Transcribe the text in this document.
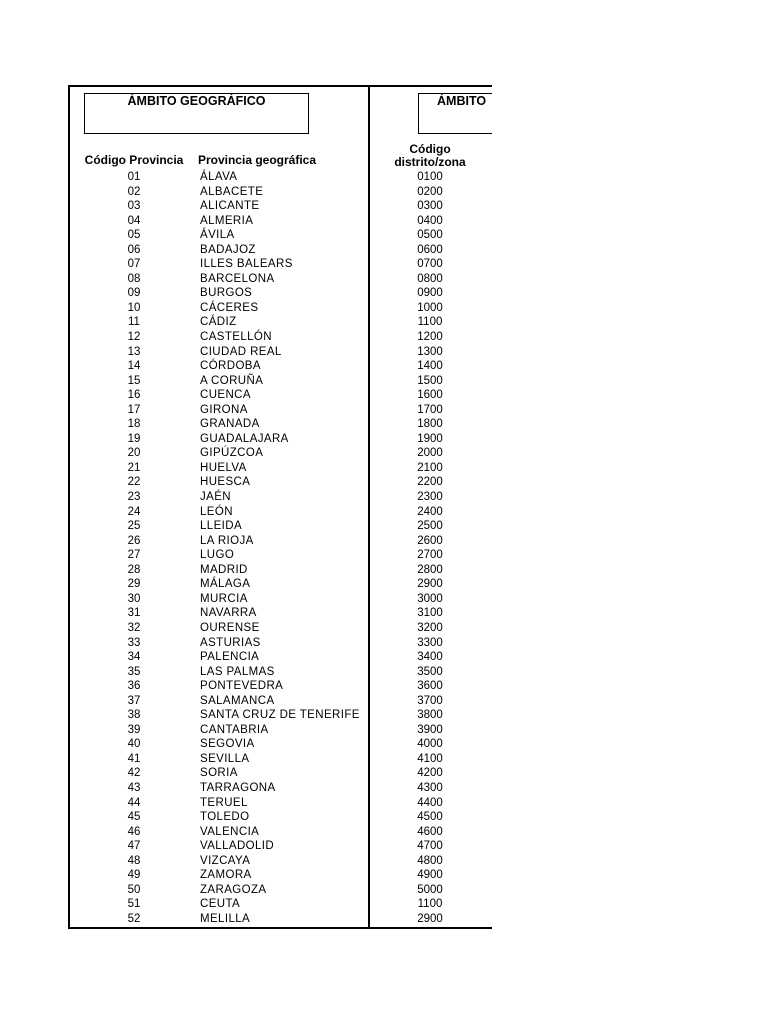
ÁMBITO GEOGRÁFICO	ÁMBITO
Código Provincia	Provincia geográfica
Código
distrito/zona
01	ÁLAVA	0100
02	ALBACETE	0200
03	ALICANTE	0300
04	ALMERIA	0400
05	ÁVILA	0500
06	BADAJOZ	0600
07	ILLES BALEARS	0700
08	BARCELONA	0800
09	BURGOS	0900
10	CÁCERES	1000
11	CÁDIZ	1100
12	CASTELLÓN	1200
13	CIUDAD REAL	1300
14	CÓRDOBA	1400
15	A CORUÑA	1500
16	CUENCA	1600
17	GIRONA	1700
18	GRANADA	1800
19	GUADALAJARA	1900
20	GIPÚZCOA	2000
21	HUELVA	2100
22	HUESCA	2200
23	JAÉN	2300
24	LEÓN	2400
25	LLEIDA	2500
26	LA RIOJA	2600
27	LUGO	2700
28	MADRID	2800
29	MÁLAGA	2900
30	MURCIA	3000
31	NAVARRA	3100
32	OURENSE	3200
33	ASTURIAS	3300
34	PALENCIA	3400
35	LAS PALMAS	3500
36	PONTEVEDRA	3600
37	SALAMANCA	3700
38	SANTA CRUZ DE TENERIFE	3800
39	CANTABRIA	3900
40	SEGOVIA	4000
41	SEVILLA	4100
42	SORIA	4200
43	TARRAGONA	4300
44	TERUEL	4400
45	TOLEDO	4500
46	VALENCIA	4600
47	VALLADOLID	4700
48	VIZCAYA	4800
49	ZAMORA	4900
50	ZARAGOZA	5000
51	CEUTA	1100
52	MELILLA	2900
